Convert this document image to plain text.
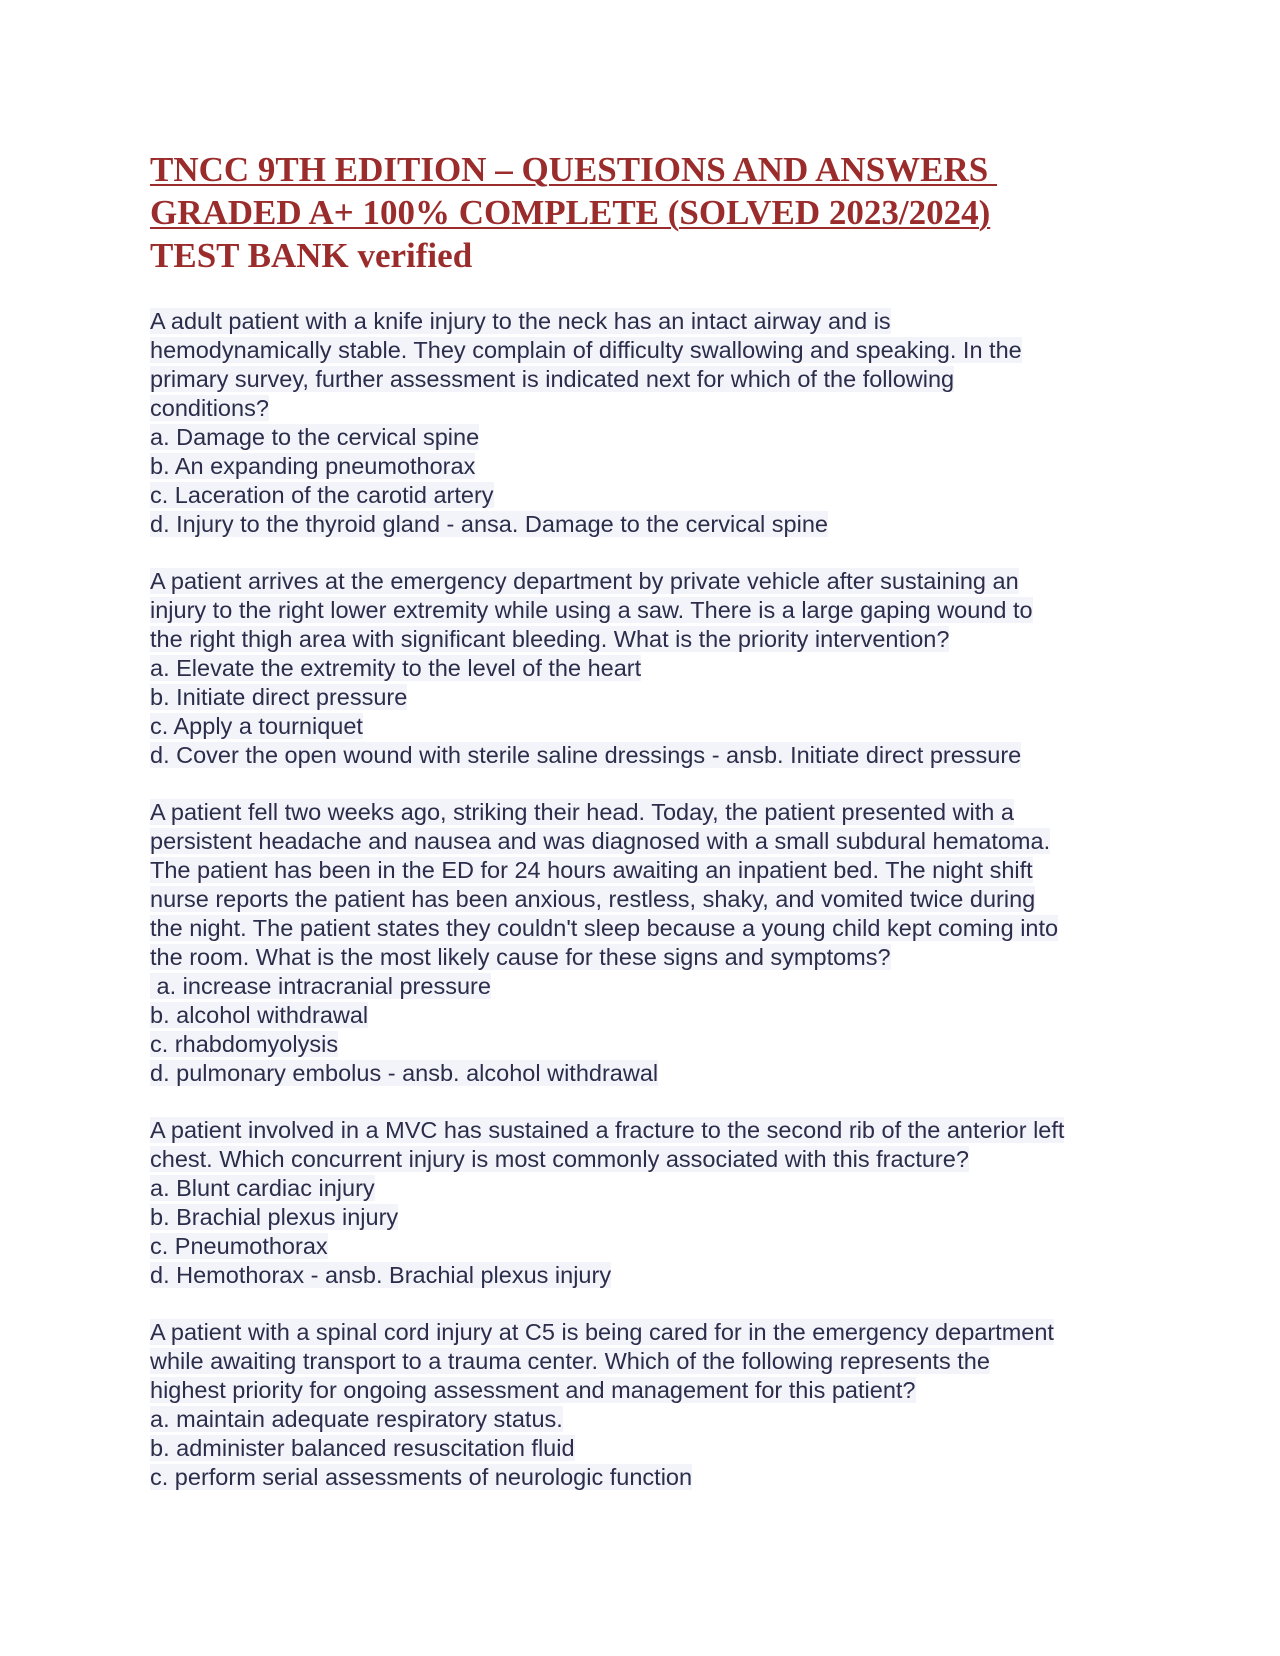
TNCC 9TH EDITION – QUESTIONS AND ANSWERS
GRADED A+ 100% COMPLETE (SOLVED 2023/2024)
TEST BANK verified
A adult patient with a knife injury to the neck has an intact airway and is
hemodynamically stable. They complain of difficulty swallowing and speaking. In the
primary survey, further assessment is indicated next for which of the following
conditions?
a. Damage to the cervical spine
b. An expanding pneumothorax
c. Laceration of the carotid artery
d. Injury to the thyroid gland - ansa. Damage to the cervical spine
A patient arrives at the emergency department by private vehicle after sustaining an
injury to the right lower extremity while using a saw. There is a large gaping wound to
the right thigh area with significant bleeding. What is the priority intervention?
a. Elevate the extremity to the level of the heart
b. Initiate direct pressure
c. Apply a tourniquet
d. Cover the open wound with sterile saline dressings - ansb. Initiate direct pressure
A patient fell two weeks ago, striking their head. Today, the patient presented with a
persistent headache and nausea and was diagnosed with a small subdural hematoma.
The patient has been in the ED for 24 hours awaiting an inpatient bed. The night shift
nurse reports the patient has been anxious, restless, shaky, and vomited twice during
the night. The patient states they couldn't sleep because a young child kept coming into
the room. What is the most likely cause for these signs and symptoms?
a. increase intracranial pressure
b. alcohol withdrawal
c. rhabdomyolysis
d. pulmonary embolus - ansb. alcohol withdrawal
A patient involved in a MVC has sustained a fracture to the second rib of the anterior left
chest. Which concurrent injury is most commonly associated with this fracture?
a. Blunt cardiac injury
b. Brachial plexus injury
c. Pneumothorax
d. Hemothorax - ansb. Brachial plexus injury
A patient with a spinal cord injury at C5 is being cared for in the emergency department
while awaiting transport to a trauma center. Which of the following represents the
highest priority for ongoing assessment and management for this patient?
a. maintain adequate respiratory status.
b. administer balanced resuscitation fluid
c. perform serial assessments of neurologic function
